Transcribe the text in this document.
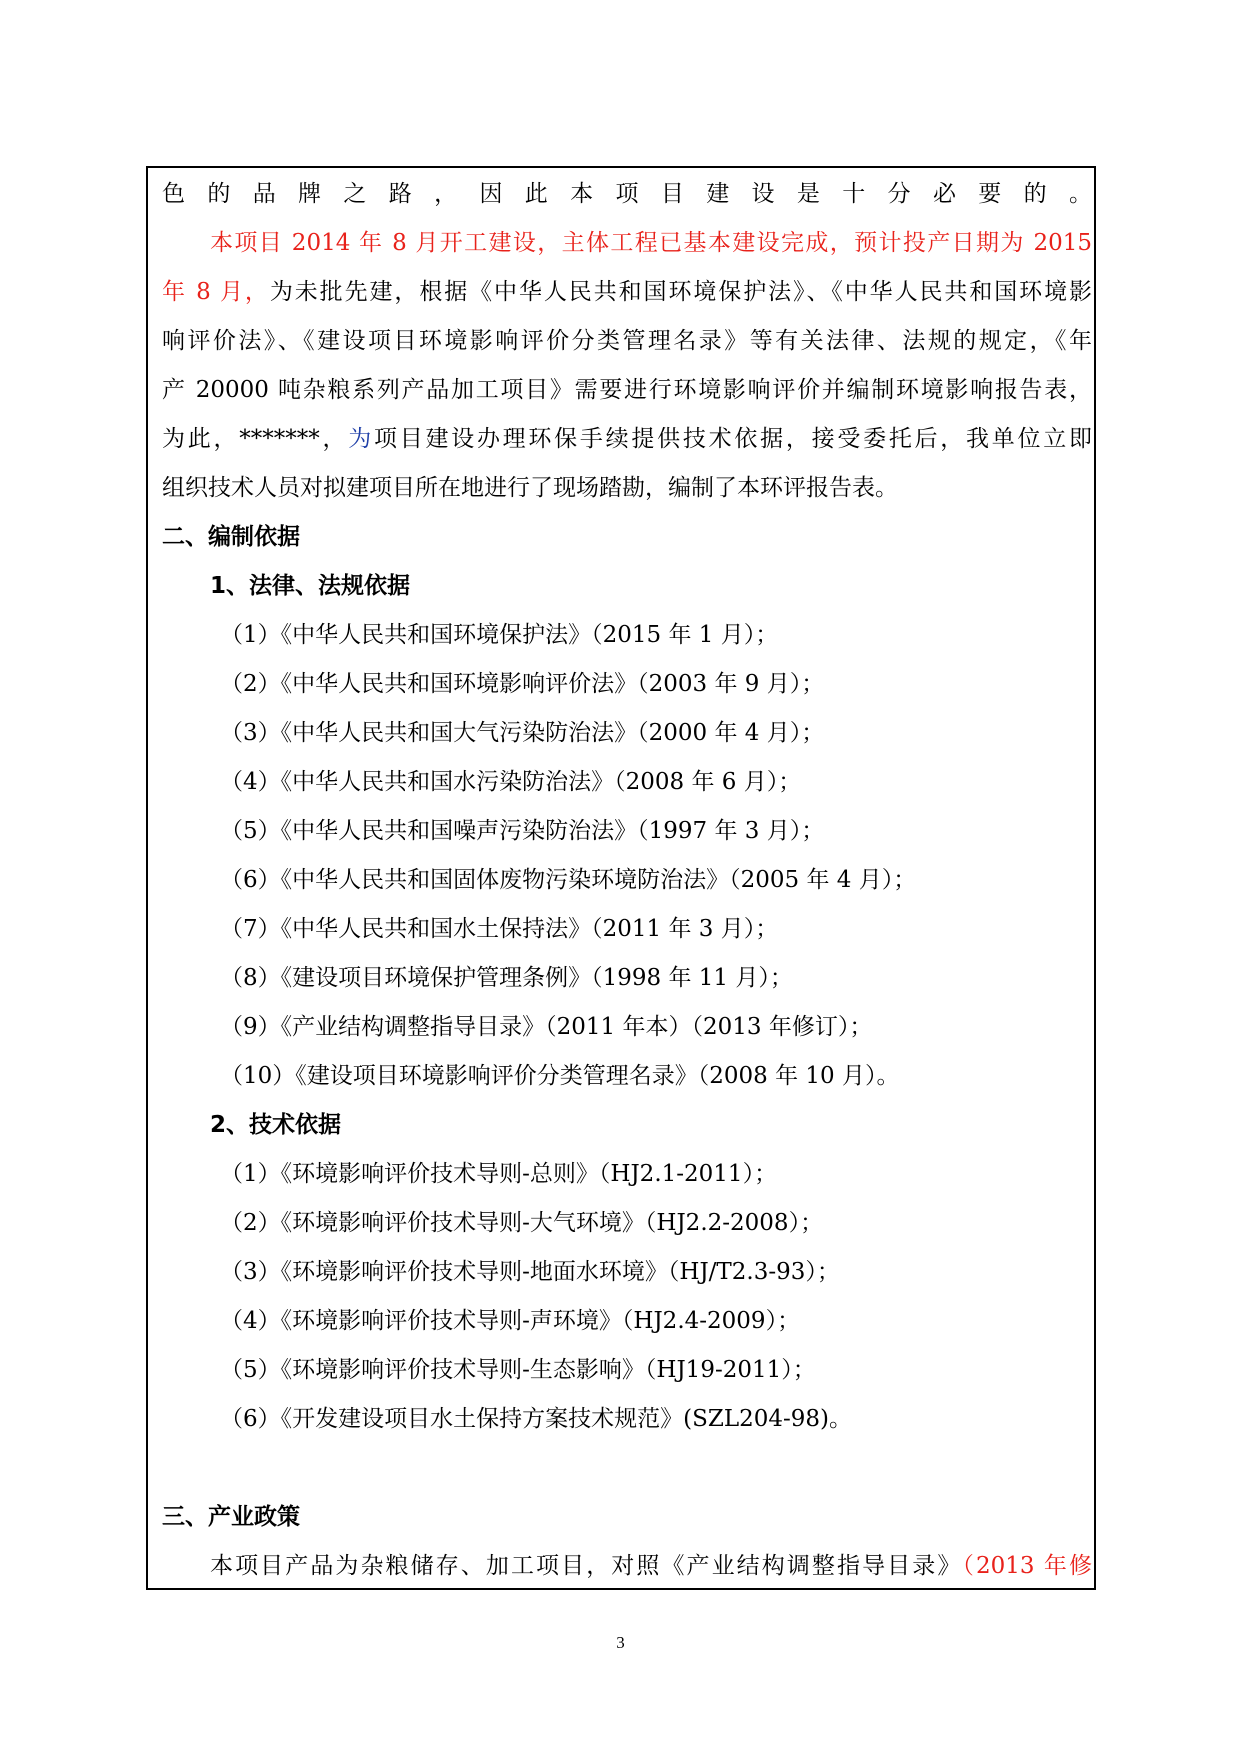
色的品牌之路，因此本项目建设是十分必要的。
本项目 2014 年 8 月开工建设，主体工程已基本建设完成，预计投产日期为 2015
年 8 月，为未批先建，根据《中华人民共和国环境保护法》、《中华人民共和国环境影
响评价法》、《建设项目环境影响评价分类管理名录》等有关法律、法规的规定，《年
产 20000 吨杂粮系列产品加工项目》需要进行环境影响评价并编制环境影响报告表，
为此，*******，为项目建设办理环保手续提供技术依据，接受委托后，我单位立即
组织技术人员对拟建项目所在地进行了现场踏勘，编制了本环评报告表。
二、编制依据
1、法律、法规依据
（1）《中华人民共和国环境保护法》（2015 年 1 月）；
（2）《中华人民共和国环境影响评价法》（2003 年 9 月）；
（3）《中华人民共和国大气污染防治法》（2000 年 4 月）；
（4）《中华人民共和国水污染防治法》（2008 年 6 月）；
（5）《中华人民共和国噪声污染防治法》（1997 年 3 月）；
（6）《中华人民共和国固体废物污染环境防治法》（2005 年 4 月）；
（7）《中华人民共和国水土保持法》（2011 年 3 月）；
（8）《建设项目环境保护管理条例》（1998 年 11 月）；
（9）《产业结构调整指导目录》（2011 年本）（2013 年修订）；
（10）《建设项目环境影响评价分类管理名录》（2008 年 10 月）。
2、技术依据
（1）《环境影响评价技术导则-总则》（HJ2.1-2011）；
（2）《环境影响评价技术导则-大气环境》（HJ2.2-2008）；
（3）《环境影响评价技术导则-地面水环境》（HJ/T2.3-93）；
（4）《环境影响评价技术导则-声环境》（HJ2.4-2009）；
（5）《环境影响评价技术导则-生态影响》（HJ19-2011）；
（6）《开发建设项目水土保持方案技术规范》(SZL204-98)。
三、产业政策
本项目产品为杂粮储存、加工项目，对照《产业结构调整指导目录》（2013 年修
3
